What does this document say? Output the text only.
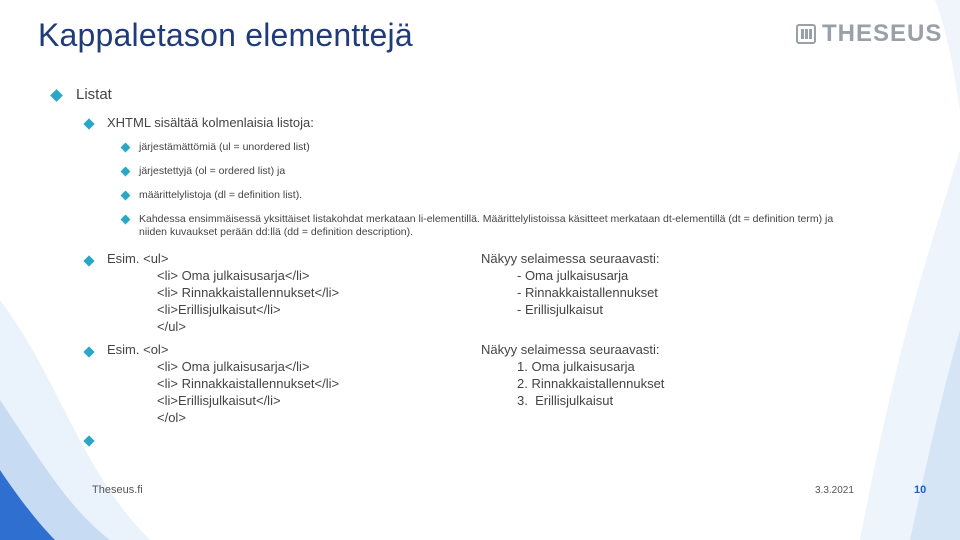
Kappaletason elementtejä	THESEUS
Listat
XHTML sisältää kolmenlaisia listoja:
järjestämättömiä (ul = unordered list)
järjestettyjä (ol = ordered list) ja
määrittelylistoja (dl = definition list).
Kahdessa ensimmäisessä yksittäiset listakohdat merkataan li-elementillä. Määrittelylistoissa käsitteet merkataan dt-elementillä (dt = definition term) ja niiden kuvaukset perään dd:llä (dd = definition description).
Esim. <ul>
<li> Oma julkaisusarja</li>
<li> Rinnakkaistallennukset</li>
<li>Erillisjulkaisut</li>
</ul>
Näkyy selaimessa seuraavasti:
- Oma julkaisusarja
- Rinnakkaistallennukset
- Erillisjulkaisut
Esim. <ol>
<li> Oma julkaisusarja</li>
<li> Rinnakkaistallennukset</li>
<li>Erillisjulkaisut</li>
</ol>
Näkyy selaimessa seuraavasti:
1. Oma julkaisusarja
2. Rinnakkaistallennukset
3.  Erillisjulkaisut
Theseus.fi	3.3.2021	10
